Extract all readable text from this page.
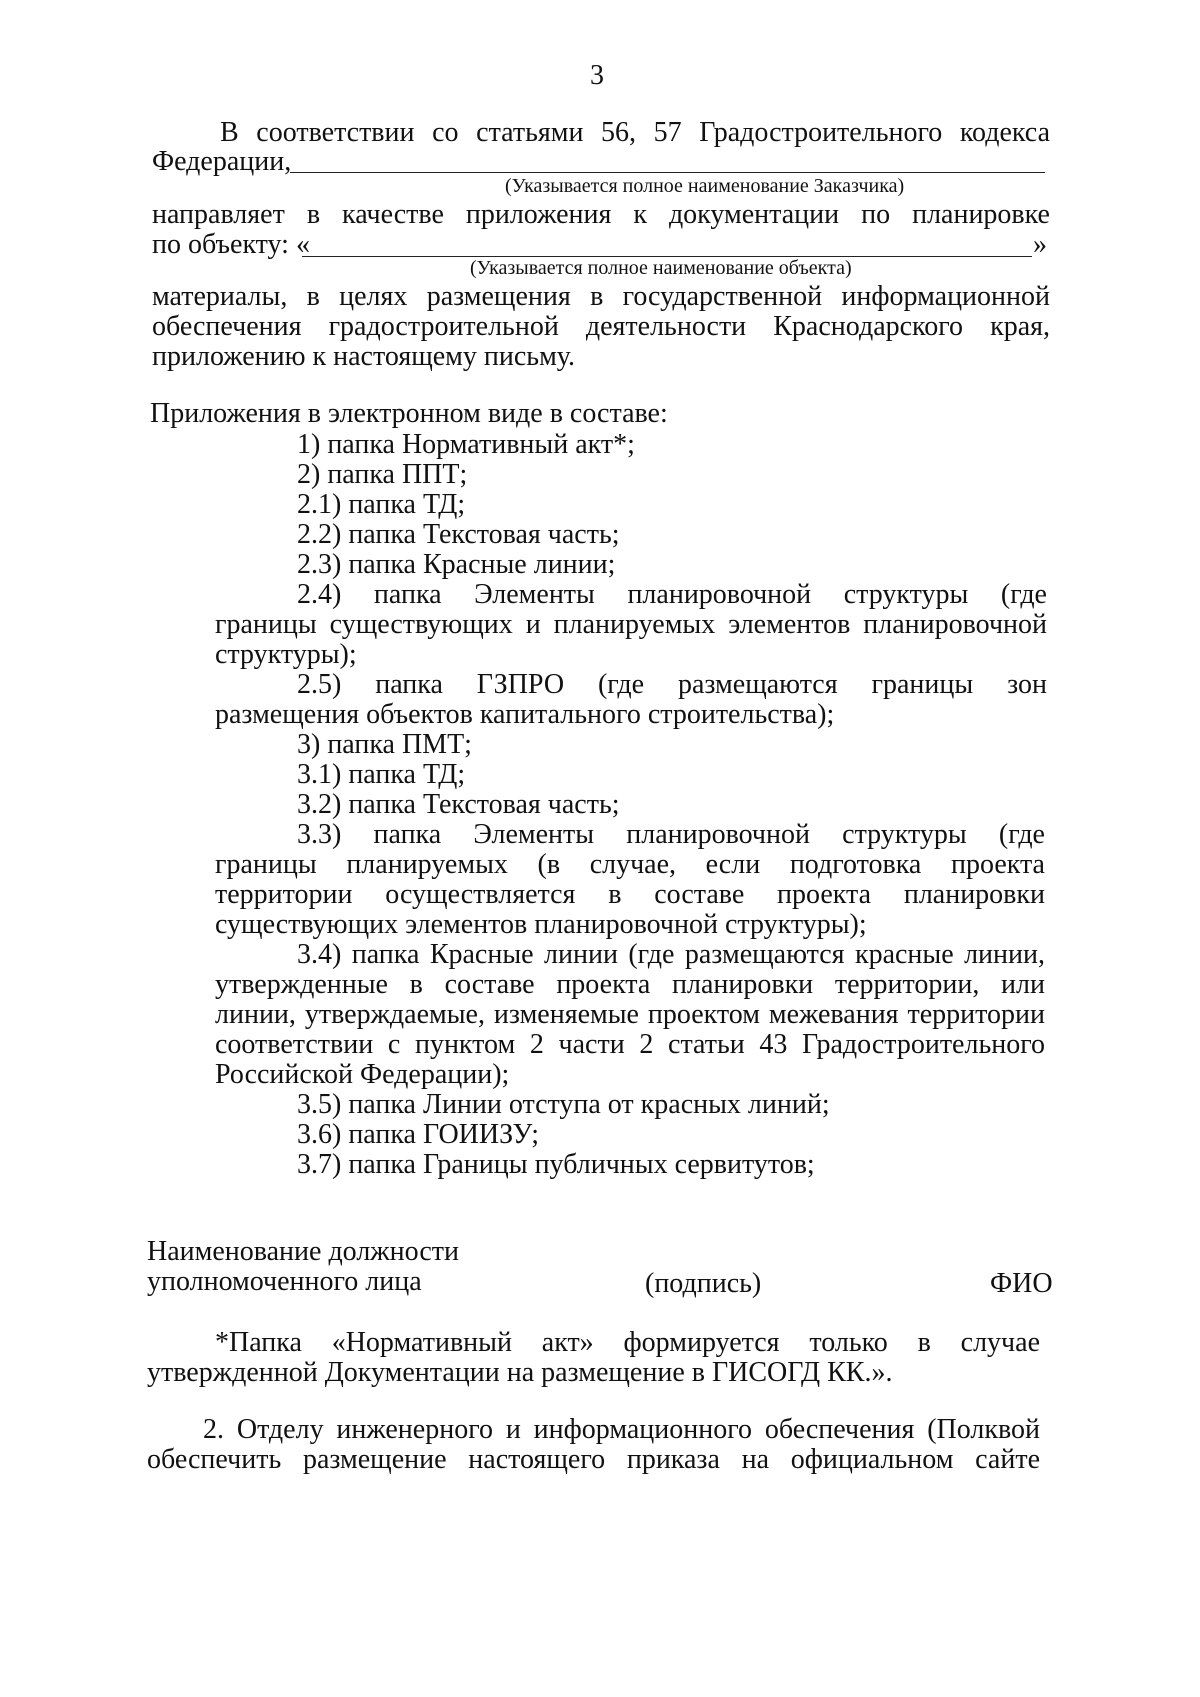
3
В соответствии со статьями 56, 57 Градостроительного кодекса
Федерации,
(Указывается полное наименование Заказчика)
направляет в качестве приложения к документации по планировке
по объекту: «	»
(Указывается полное наименование объекта)
материалы, в целях размещения в государственной информационной
обеспечения градостроительной деятельности Краснодарского края,
приложению к настоящему письму.
Приложения в электронном виде в составе:
1) папка Нормативный акт*;
2) папка ППТ;
2.1) папка ТД;
2.2) папка Текстовая часть;
2.3) папка Красные линии;
2.4) папка Элементы планировочной структуры (где
границы существующих и планируемых элементов планировочной
структуры);
2.5) папка ГЗПРО (где размещаются границы зон
размещения объектов капитального строительства);
3) папка ПМТ;
3.1) папка ТД;
3.2) папка Текстовая часть;
3.3) папка Элементы планировочной структуры (где
границы планируемых (в случае, если подготовка проекта
территории осуществляется в составе проекта планировки
существующих элементов планировочной структуры);
3.4) папка Красные линии (где размещаются красные линии,
утвержденные в составе проекта планировки территории, или
линии, утверждаемые, изменяемые проектом межевания территории
соответствии с пунктом 2 части 2 статьи 43 Градостроительного
Российской Федерации);
3.5) папка Линии отступа от красных линий;
3.6) папка ГОИИЗУ;
3.7) папка Границы публичных сервитутов;
Наименование должности
уполномоченного лица	(подпись)	ФИО
*Папка «Нормативный акт» формируется только в случае
утвержденной Документации на размещение в ГИСОГД КК.».
2. Отделу инженерного и информационного обеспечения (Полквой
обеспечить размещение настоящего приказа на официальном сайте
